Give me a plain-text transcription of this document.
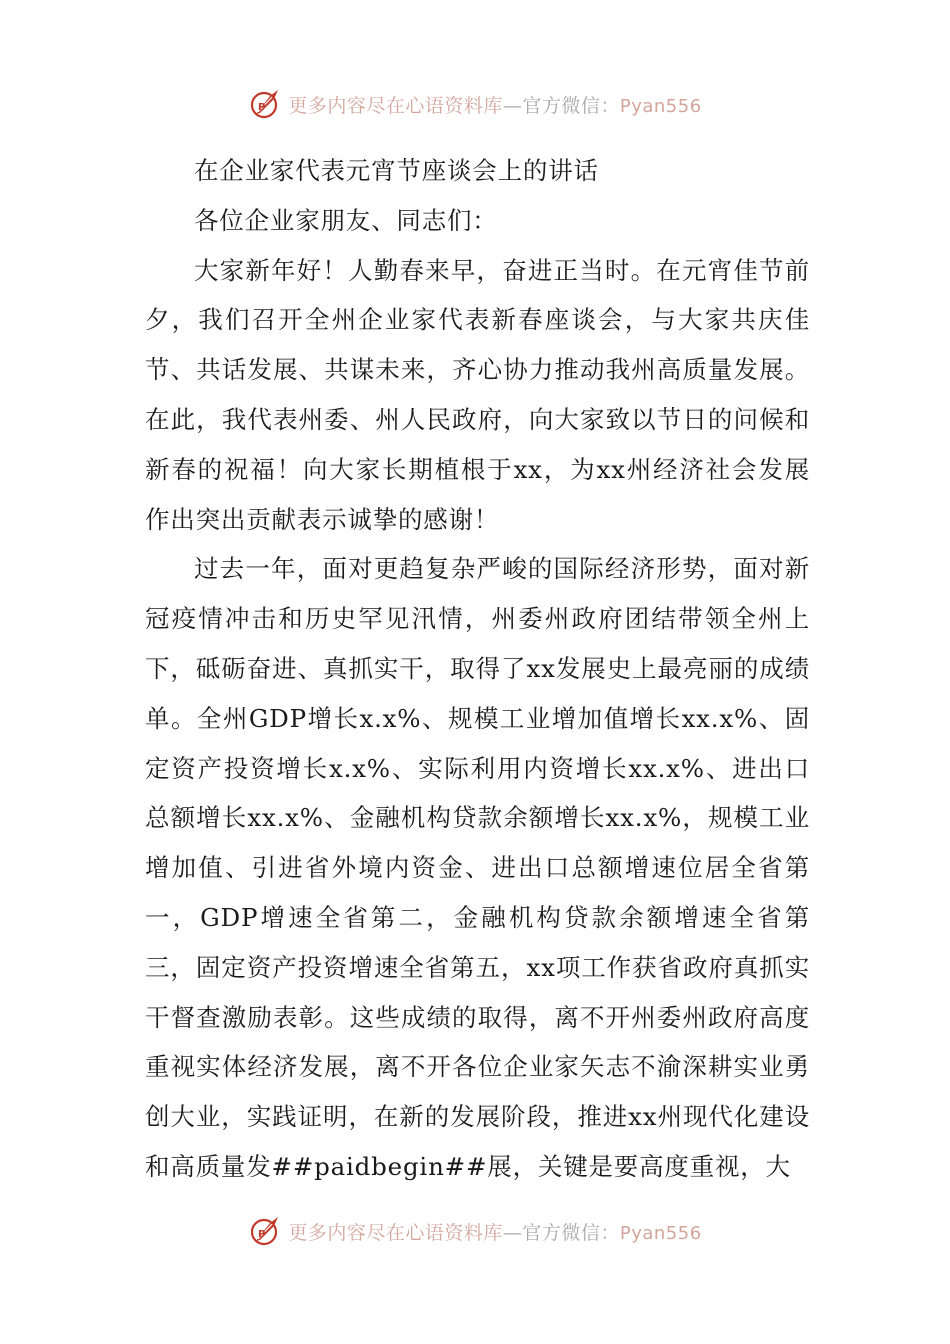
P 更多内容尽在心语资料库—官方微信：Pyan556

在企业家代表元宵节座谈会上的讲话

各位企业家朋友、同志们：

大家新年好！人勤春来早，奋进正当时。在元宵佳节前夕，我们召开全州企业家代表新春座谈会，与大家共庆佳节、共话发展、共谋未来，齐心协力推动我州高质量发展。在此，我代表州委、州人民政府，向大家致以节日的问候和新春的祝福！向大家长期植根于xx，为xx州经济社会发展作出突出贡献表示诚挚的感谢！

过去一年，面对更趋复杂严峻的国际经济形势，面对新冠疫情冲击和历史罕见汛情，州委州政府团结带领全州上下，砥砺奋进、真抓实干，取得了xx发展史上最亮丽的成绩单。全州GDP增长x.x%、规模工业增加值增长xx.x%、固定资产投资增长x.x%、实际利用内资增长xx.x%、进出口总额增长xx.x%、金融机构贷款余额增长xx.x%，规模工业增加值、引进省外境内资金、进出口总额增速位居全省第一，GDP增速全省第二，金融机构贷款余额增速全省第三，固定资产投资增速全省第五，xx项工作获省政府真抓实干督查激励表彰。这些成绩的取得，离不开州委州政府高度重视实体经济发展，离不开各位企业家矢志不渝深耕实业勇创大业，实践证明，在新的发展阶段，推进xx州现代化建设和高质量发##paidbegin##展，关键是要高度重视，大

P 更多内容尽在心语资料库—官方微信：Pyan556
